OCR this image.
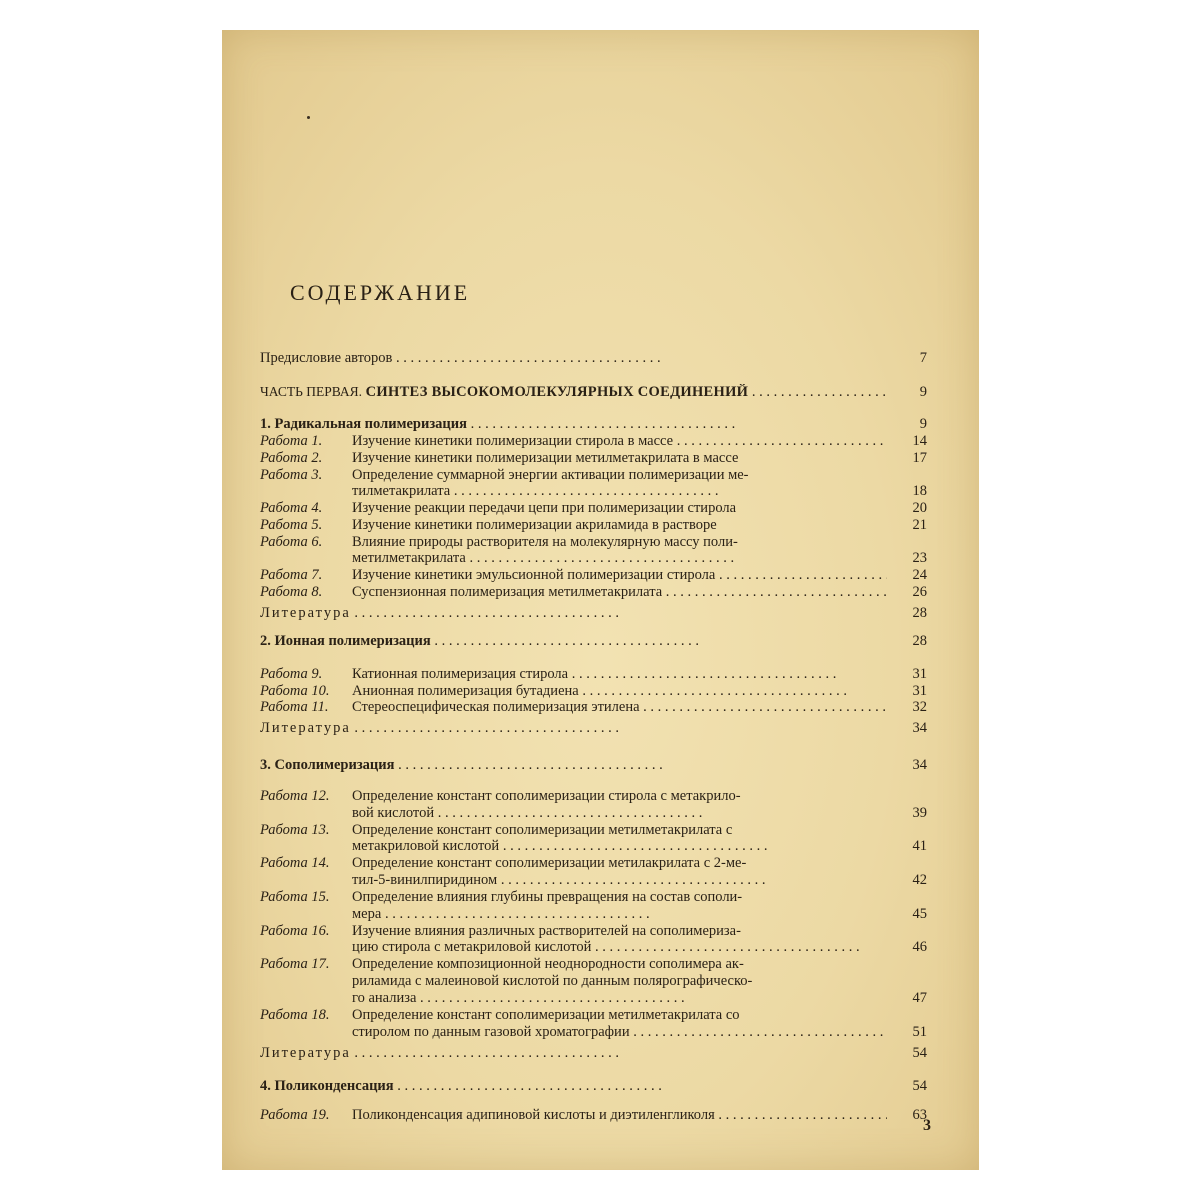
СОДЕРЖАНИЕ
Предисловие авторов . .	7
ЧАСТЬ ПЕРВАЯ. СИНТЕЗ ВЫСОКОМОЛЕКУЛЯРНЫХ СОЕДИНЕНИЙ . .	9
1. Радикальная полимеризация . .	9
Работа 1.	Изучение кинетики полимеризации стирола в массе . .	14
Работа 2.	Изучение кинетики полимеризации метилметакрилата в массе	17
Работа 3.	Определение суммарной энергии активации полимеризации ме-
тилметакрилата . .	18
Работа 4.	Изучение реакции передачи цепи при полимеризации стирола	20
Работа 5.	Изучение кинетики полимеризации акриламида в растворе	21
Работа 6.	Влияние природы растворителя на молекулярную массу поли-
метилметакрилата . .	23
Работа 7.	Изучение кинетики эмульсионной полимеризации стирола . .	24
Работа 8.	Суспензионная полимеризация метилметакрилата . .	26
Литература . .	28
2. Ионная полимеризация . .	28
Работа 9.	Катионная полимеризация стирола . .	31
Работа 10.	Анионная полимеризация бутадиена . .	31
Работа 11.	Стереоспецифическая полимеризация этилена . .	32
Литература . .	34
3. Сополимеризация . .	34
Работа 12.	Определение констант сополимеризации стирола с метакрило-
вой кислотой . .	39
Работа 13.	Определение констант сополимеризации метилметакрилата с
метакриловой кислотой . .	41
Работа 14.	Определение констант сополимеризации метилакрилата с 2-ме-
тил-5-винилпиридином . .	42
Работа 15.	Определение влияния глубины превращения на состав сополи-
мера . .	45
Работа 16.	Изучение влияния различных растворителей на сополимериза-
цию стирола с метакриловой кислотой . .	46
Работа 17.	Определение композиционной неоднородности сополимера ак-
риламида с малеиновой кислотой по данным полярографическо-
го анализа . .	47
Работа 18.	Определение констант сополимеризации метилметакрилата со
стиролом по данным газовой хроматографии . .	51
Литература . .	54
4. Поликонденсация . .	54
Работа 19.	Поликонденсация адипиновой кислоты и диэтиленгликоля . .	63
3
